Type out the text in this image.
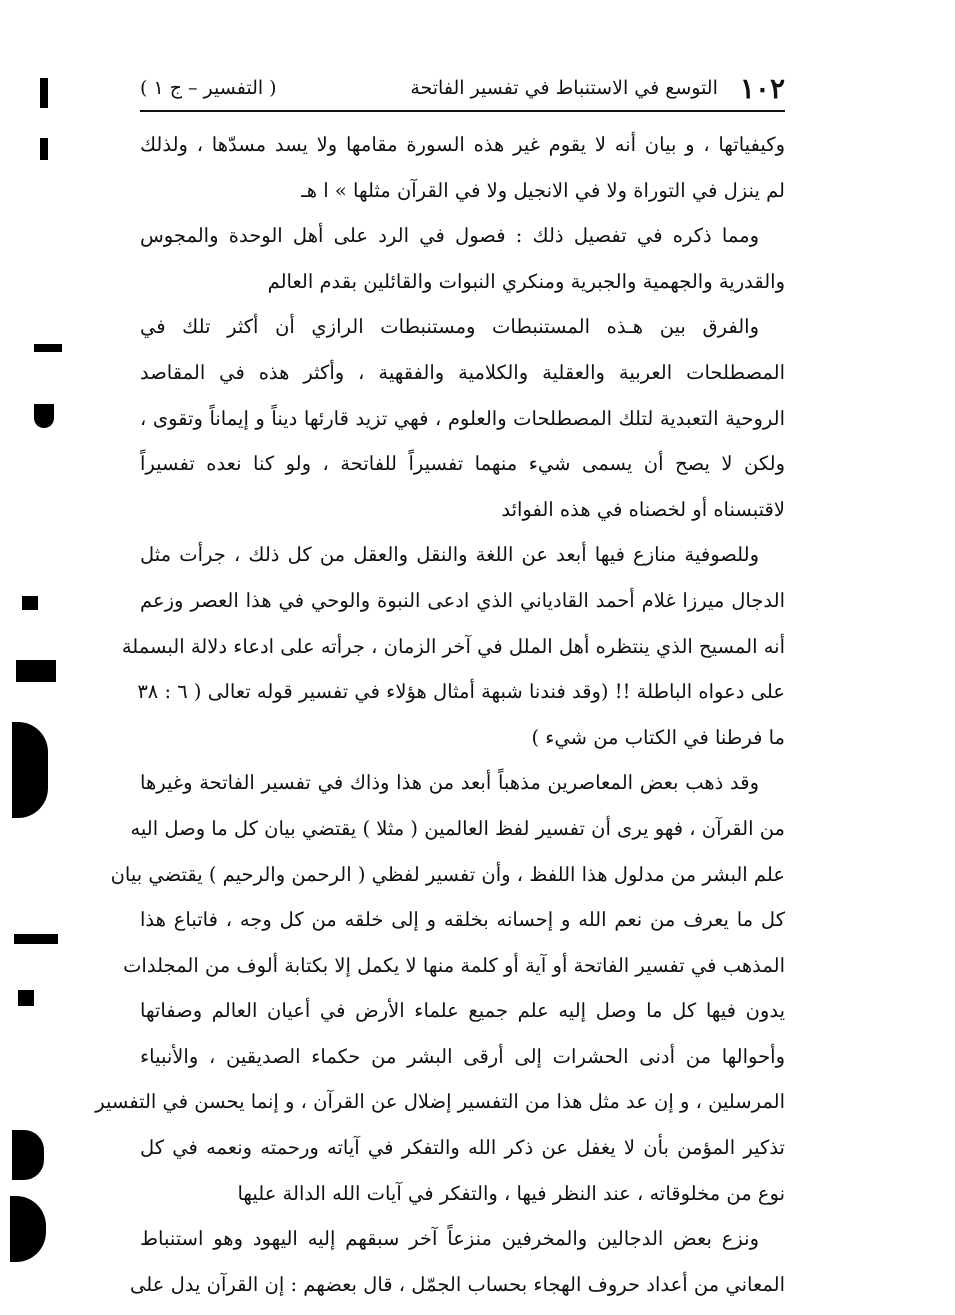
١٠٢
التوسع في الاستنباط في تفسير الفاتحة
( التفسير – ج ١ )
وكيفياتها ، و بيان أنه لا يقوم غير هذه السورة مقامها ولا يسد مسدّها ، ولذلك
لم ينزل في التوراة ولا في الانجيل ولا في القرآن مثلها » ا هـ
ومما ذكره في تفصيل ذلك : فصول في الرد على أهل الوحدة والمجوس
والقدرية والجهمية والجبرية ومنكري النبوات والقائلين بقدم العالم
والفرق بين هـذه المستنبطات ومستنبطات الرازي أن أكثر تلك في
المصطلحات العربية والعقلية والكلامية والفقهية ، وأكثر هذه في المقاصد
الروحية التعبدية لتلك المصطلحات والعلوم ، فهي تزيد قارئها ديناً و إيماناً وتقوى ،
ولكن لا يصح أن يسمى شيء منهما تفسيراً للفاتحة ، ولو كنا نعده تفسيراً
لاقتبسناه أو لخصناه في هذه الفوائد
وللصوفية منازع فيها أبعد عن اللغة والنقل والعقل من كل ذلك ، جرأت مثل
الدجال ميرزا غلام أحمد القادياني الذي ادعى النبوة والوحي في هذا العصر وزعم
أنه المسيح الذي ينتظره أهل الملل في آخر الزمان ، جرأته على ادعاء دلالة البسملة
على دعواه الباطلة !! (وقد فندنا شبهة أمثال هؤلاء في تفسير قوله تعالى ( ٦ : ٣٨
ما فرطنا في الكتاب من شيء )
وقد ذهب بعض المعاصرين مذهباً أبعد من هذا وذاك في تفسير الفاتحة وغيرها
من القرآن ، فهو يرى أن تفسير لفظ العالمين ( مثلا ) يقتضي بيان كل ما وصل اليه
علم البشر من مدلول هذا اللفظ ، وأن تفسير لفظي ( الرحمن والرحيم ) يقتضي بيان
كل ما يعرف من نعم الله و إحسانه بخلقه و إلى خلقه من كل وجه ، فاتباع هذا
المذهب في تفسير الفاتحة أو آية أو كلمة منها لا يكمل إلا بكتابة ألوف من المجلدات
يدون فيها كل ما وصل إليه علم جميع علماء الأرض في أعيان العالم وصفاتها
وأحوالها من أدنى الحشرات إلى أرقى البشر من حكماء الصديقين ، والأنبياء
المرسلين ، و إن عد مثل هذا من التفسير إضلال عن القرآن ، و إنما يحسن في التفسير
تذكير المؤمن بأن لا يغفل عن ذكر الله والتفكر في آياته ورحمته ونعمه في كل
نوع من مخلوقاته ، عند النظر فيها ، والتفكر في آيات الله الدالة عليها
ونزع بعض الدجالين والمخرفين منزعاً آخر سبقهم إليه اليهود وهو استنباط
المعاني من أعداد حروف الهجاء بحساب الجمّل ، قال بعضهم : إن القرآن يدل على
